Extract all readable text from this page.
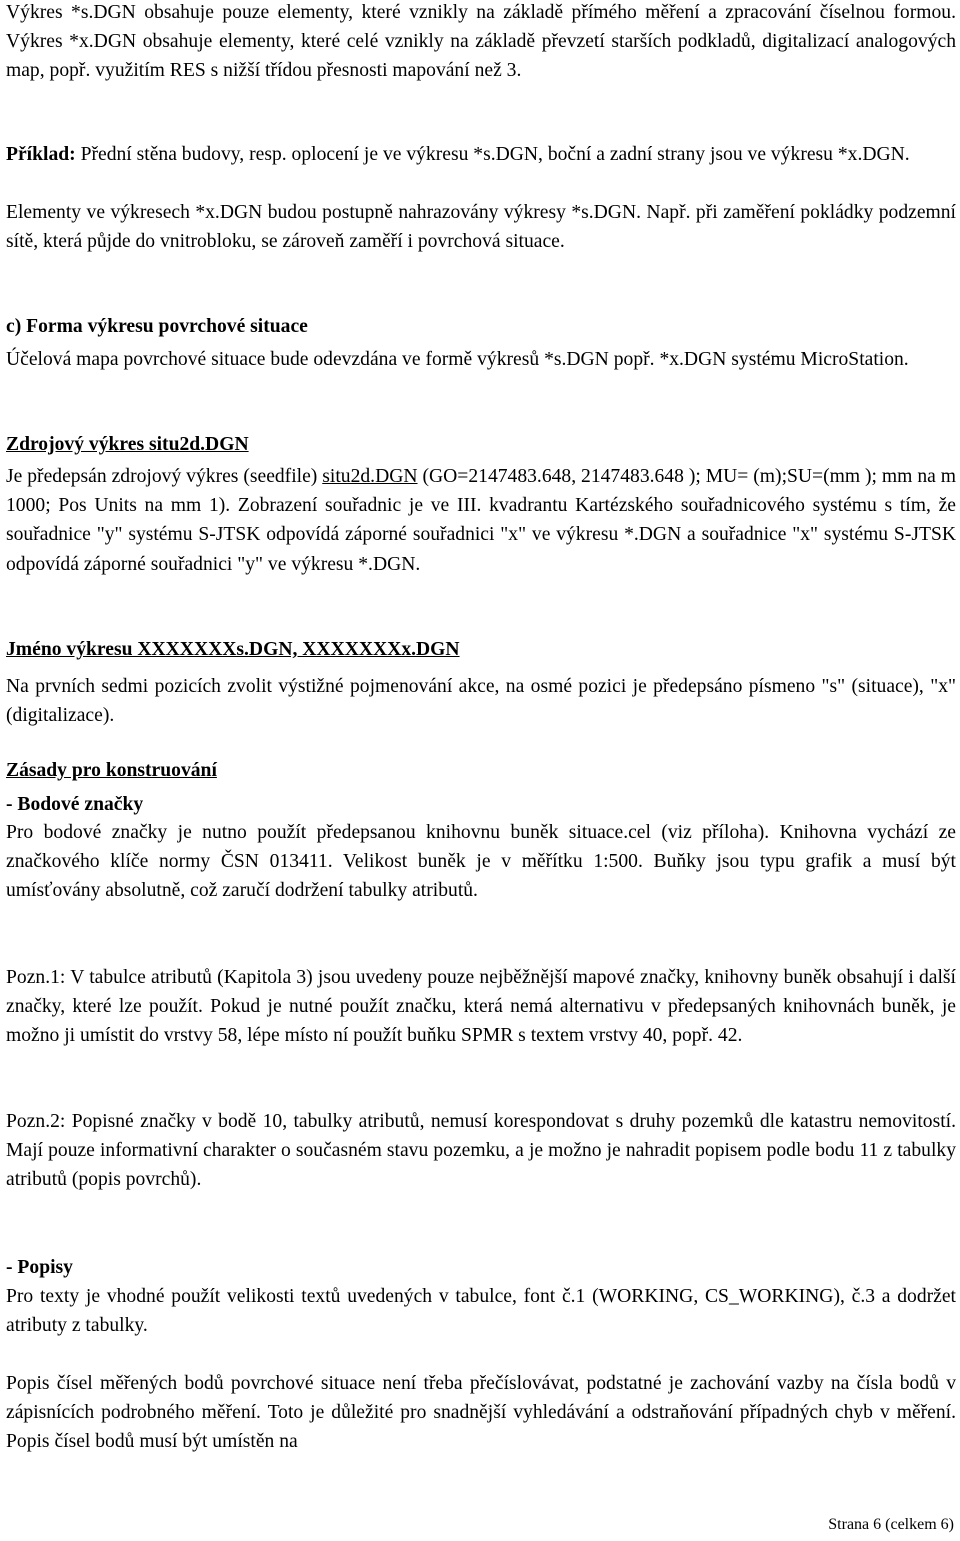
Výkres *s.DGN obsahuje pouze elementy, které vznikly na základě přímého měření a zpracování číselnou formou. Výkres *x.DGN obsahuje elementy, které celé vznikly na základě převzetí starších podkladů, digitalizací analogových map, popř. využitím RES s nižší třídou přesnosti mapování než 3.

Příklad: Přední stěna budovy, resp. oplocení je ve výkresu *s.DGN, boční a zadní strany jsou ve výkresu *x.DGN.

Elementy ve výkresech *x.DGN budou postupně nahrazovány výkresy *s.DGN. Např. při zaměření pokládky podzemní sítě, která půjde do vnitrobloku, se zároveň zaměří i povrchová situace.

c) Forma výkresu povrchové situace

Účelová mapa povrchové situace bude odevzdána ve formě výkresů *s.DGN popř. *x.DGN systému MicroStation.

Zdrojový výkres situ2d.DGN

Je předepsán zdrojový výkres (seedfile) situ2d.DGN (GO=2147483.648, 2147483.648 ); MU= (m);SU=(mm ); mm na m 1000; Pos Units na mm 1). Zobrazení souřadnic je ve III. kvadrantu Kartézského souřadnicového systému s tím, že souřadnice "y" systému S-JTSK odpovídá záporné souřadnici "x" ve výkresu *.DGN a souřadnice "x" systému S-JTSK odpovídá záporné souřadnici "y" ve výkresu *.DGN.

Jméno výkresu XXXXXXXs.DGN, XXXXXXXx.DGN

Na prvních sedmi pozicích zvolit výstižné pojmenování akce, na osmé pozici je předepsáno písmeno "s" (situace), "x" (digitalizace).

Zásady pro konstruování

- Bodové značky

Pro bodové značky je nutno použít předepsanou knihovnu buněk situace.cel (viz příloha). Knihovna vychází ze značkového klíče normy ČSN 013411. Velikost buněk je v měřítku 1:500. Buňky jsou typu grafik a musí být umísťovány absolutně, což zaručí dodržení tabulky atributů.

Pozn.1: V tabulce atributů (Kapitola 3) jsou uvedeny pouze nejběžnější mapové značky, knihovny buněk obsahují i další značky, které lze použít. Pokud je nutné použít značku, která nemá alternativu v předepsaných knihovnách buněk, je možno ji umístit do vrstvy 58, lépe místo ní použít buňku SPMR s textem vrstvy 40, popř. 42.

Pozn.2: Popisné značky v bodě 10, tabulky atributů, nemusí korespondovat s druhy pozemků dle katastru nemovitostí. Mají pouze informativní charakter o současném stavu pozemku, a je možno je nahradit popisem podle bodu 11 z tabulky atributů (popis povrchů).

- Popisy

Pro texty je vhodné použít velikosti textů uvedených v tabulce, font č.1 (WORKING, CS_WORKING), č.3 a dodržet atributy z tabulky.

Popis čísel měřených bodů povrchové situace není třeba přečíslovávat, podstatné je zachování vazby na čísla bodů v zápisnících podrobného měření. Toto je důležité pro snadnější vyhledávání a odstraňování případných chyb v měření. Popis čísel bodů musí být umístěn na

Strana 6 (celkem 6)
